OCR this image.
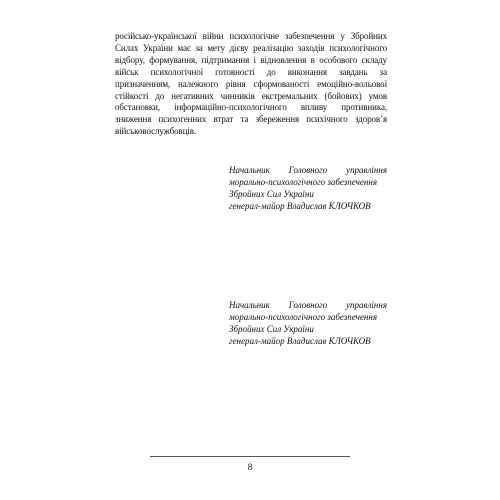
російсько-української війни психологічне забезпечення у Збройних
Силах України має за мету дієву реалізацію заходів психологічного
відбору, формування, підтримання і відновлення в особового складу
військ психологічної готовності до виконання завдань за
призначенням, належного рівня сформованості емоційно-вольової
стійкості до негативних чинників екстремальних (бойових) умов
обстановки, інформаційно-психологічного впливу противника,
зниження психогенних втрат та збереження психічного здоров’я
військовослужбовців.

Начальник Головного управління
морально-психологічного забезпечення
Збройних Сил України
генерал-майор Владислав КЛОЧКОВ
Начальник Головного управління
морально-психологічного забезпечення
Збройних Сил України
генерал-майор Владислав КЛОЧКОВ
8
